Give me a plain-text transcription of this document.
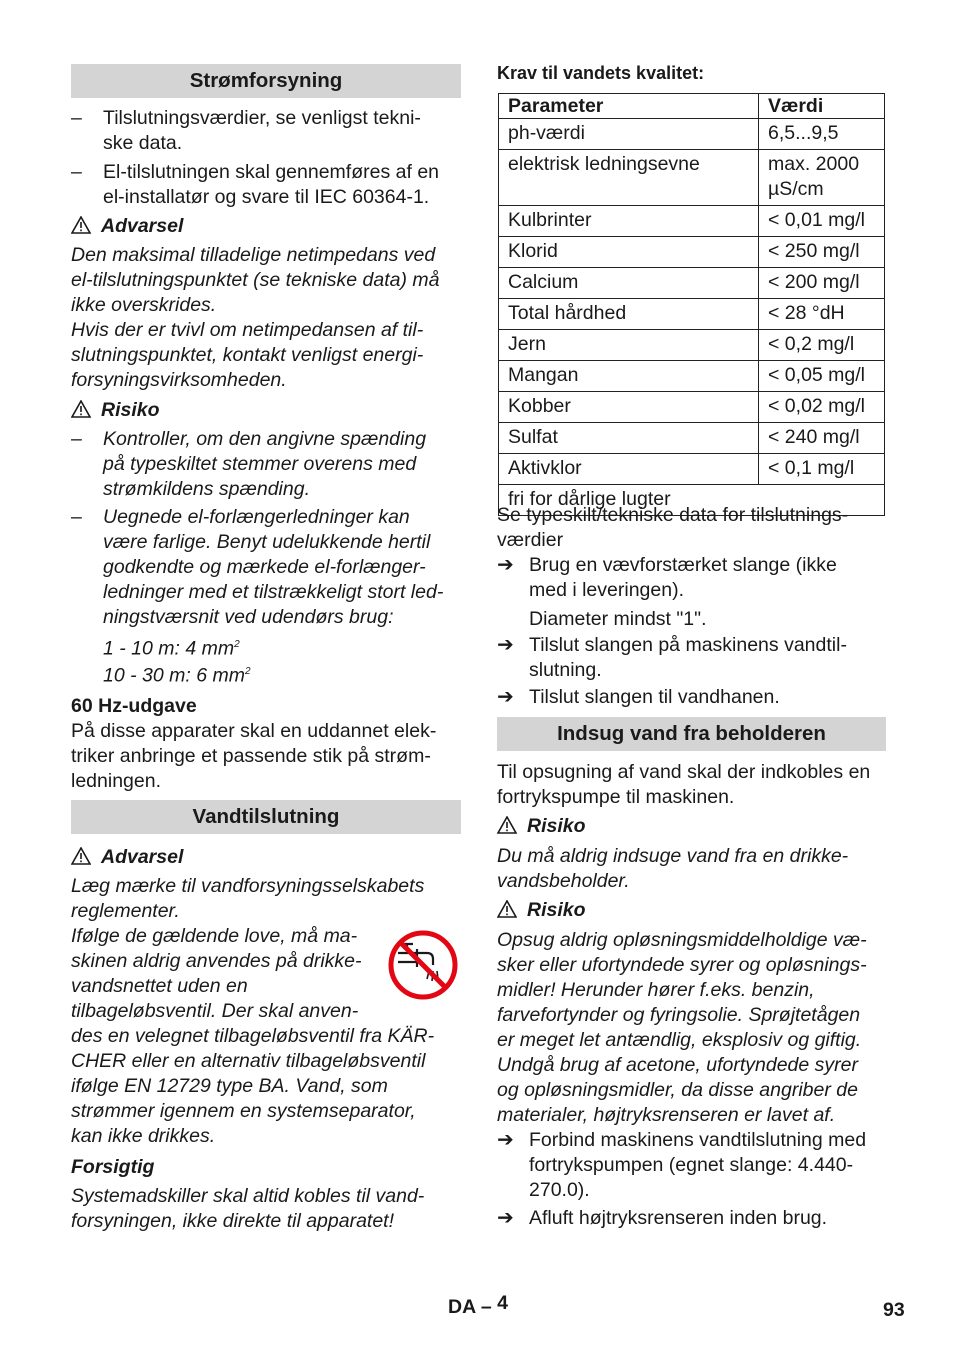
Strømforsyning
– Tilslutningsværdier, se venligst tekni-
ske data.
– El-tilslutningen skal gennemføres af en
el-installatør og svare til IEC 60364-1.
Advarsel
Den maksimal tilladelige netimpedans ved
el-tilslutningspunktet (se tekniske data) må
ikke overskrides.
Hvis der er tvivl om netimpedansen af til-
slutningspunktet, kontakt venligst energi-
forsyningsvirksomheden.
Risiko
– Kontroller, om den angivne spænding
på typeskiltet stemmer overens med
strømkildens spænding.
– Uegnede el-forlængerledninger kan
være farlige. Benyt udelukkende hertil
godkendte og mærkede el-forlænger-
ledninger med et tilstrækkeligt stort led-
ningstværsnit ved udendørs brug:
1 - 10 m: 4 $mm^2$
10 - 30 m: 6 $mm^2$
60 Hz-udgave
På disse apparater skal en uddannet elek-
triker anbringe et passende stik på strøm-
ledningen.
Vandtilslutning
Advarsel
Læg mærke til vandforsyningsselskabets
reglementer.
Ifølge de gældende love, må ma-
skinen aldrig anvendes på drikke-
vandsnettet uden en
tilbageløbsventil. Der skal anven-
des en velegnet tilbageløbsventil fra KÄR-
CHER eller en alternativ tilbageløbsventil
ifølge EN 12729 type BA. Vand, som
strømmer igennem en systemseparator,
kan ikke drikkes.
Forsigtig
Systemadskiller skal altid kobles til vand-
forsyningen, ikke direkte til apparatet!
Krav til vandets kvalitet:
Parameter	Værdi
ph-værdi	6,5...9,5
elektrisk ledningsevne	max. 2000 µS/cm
Kulbrinter	< 0,01 mg/l
Klorid	< 250 mg/l
Calcium	< 200 mg/l
Total hårdhed	< 28 °dH
Jern	< 0,2 mg/l
Mangan	< 0,05 mg/l
Kobber	< 0,02 mg/l
Sulfat	< 240 mg/l
Aktivklor	< 0,1 mg/l
fri for dårlige lugter	
Se typeskilt/tekniske data for tilslutnings-
værdier
➔ Brug en vævforstærket slange (ikke
med i leveringen).
Diameter mindst "1".
➔ Tilslut slangen på maskinens vandtil-
slutning.
➔ Tilslut slangen til vandhanen.
Indsug vand fra beholderen
Til opsugning af vand skal der indkobles en
fortrykspumpe til maskinen.
Risiko
Du må aldrig indsuge vand fra en drikke-
vandsbeholder.
Risiko
Opsug aldrig opløsningsmiddelholdige væ-
sker eller ufortyndede syrer og opløsnings-
midler! Herunder hører f.eks. benzin,
farvefortynder og fyringsolie. Sprøjtetågen
er meget let antændlig, eksplosiv og giftig.
Undgå brug af acetone, ufortyndede syrer
og opløsningsmidler, da disse angriber de
materialer, højtryksrenseren er lavet af.
➔ Forbind maskinens vandtilslutning med
fortrykspumpen (egnet slange: 4.440-
270.0).
➔ Afluft højtryksrenseren inden brug.
DA – 4	93
